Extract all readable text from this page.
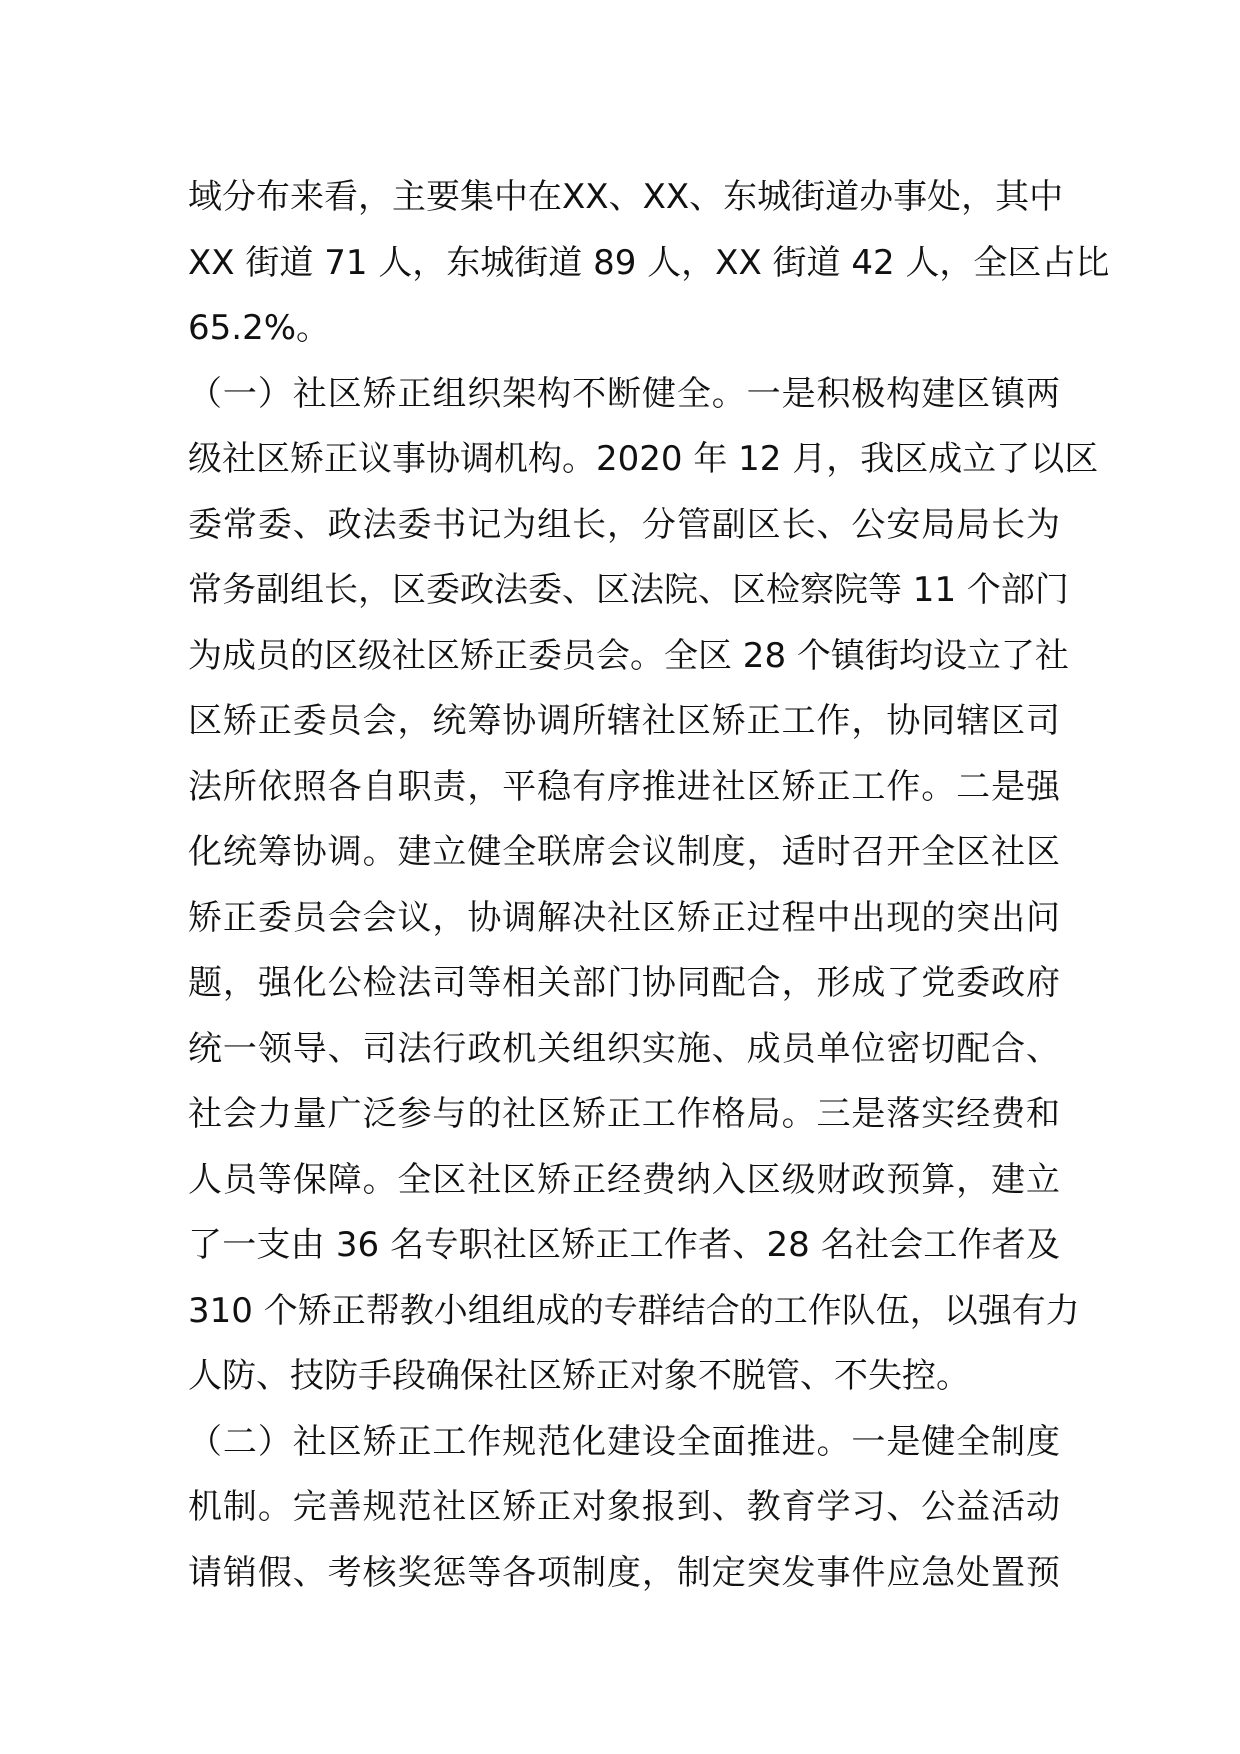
域分布来看，主要集中在XX、XX、东城街道办事处，其中
XX 街道 71 人，东城街道 89 人，XX 街道 42 人，全区占比
65.2%。
（一）社区矫正组织架构不断健全。一是积极构建区镇两
级社区矫正议事协调机构。2020 年 12 月，我区成立了以区
委常委、政法委书记为组长，分管副区长、公安局局长为
常务副组长，区委政法委、区法院、区检察院等 11 个部门
为成员的区级社区矫正委员会。全区 28 个镇街均设立了社
区矫正委员会，统筹协调所辖社区矫正工作，协同辖区司
法所依照各自职责，平稳有序推进社区矫正工作。二是强
化统筹协调。建立健全联席会议制度，适时召开全区社区
矫正委员会会议，协调解决社区矫正过程中出现的突出问
题，强化公检法司等相关部门协同配合，形成了党委政府
统一领导、司法行政机关组织实施、成员单位密切配合、
社会力量广泛参与的社区矫正工作格局。三是落实经费和
人员等保障。全区社区矫正经费纳入区级财政预算，建立
了一支由 36 名专职社区矫正工作者、28 名社会工作者及
310 个矫正帮教小组组成的专群结合的工作队伍，以强有力
人防、技防手段确保社区矫正对象不脱管、不失控。
（二）社区矫正工作规范化建设全面推进。一是健全制度
机制。完善规范社区矫正对象报到、教育学习、公益活动
请销假、考核奖惩等各项制度，制定突发事件应急处置预
